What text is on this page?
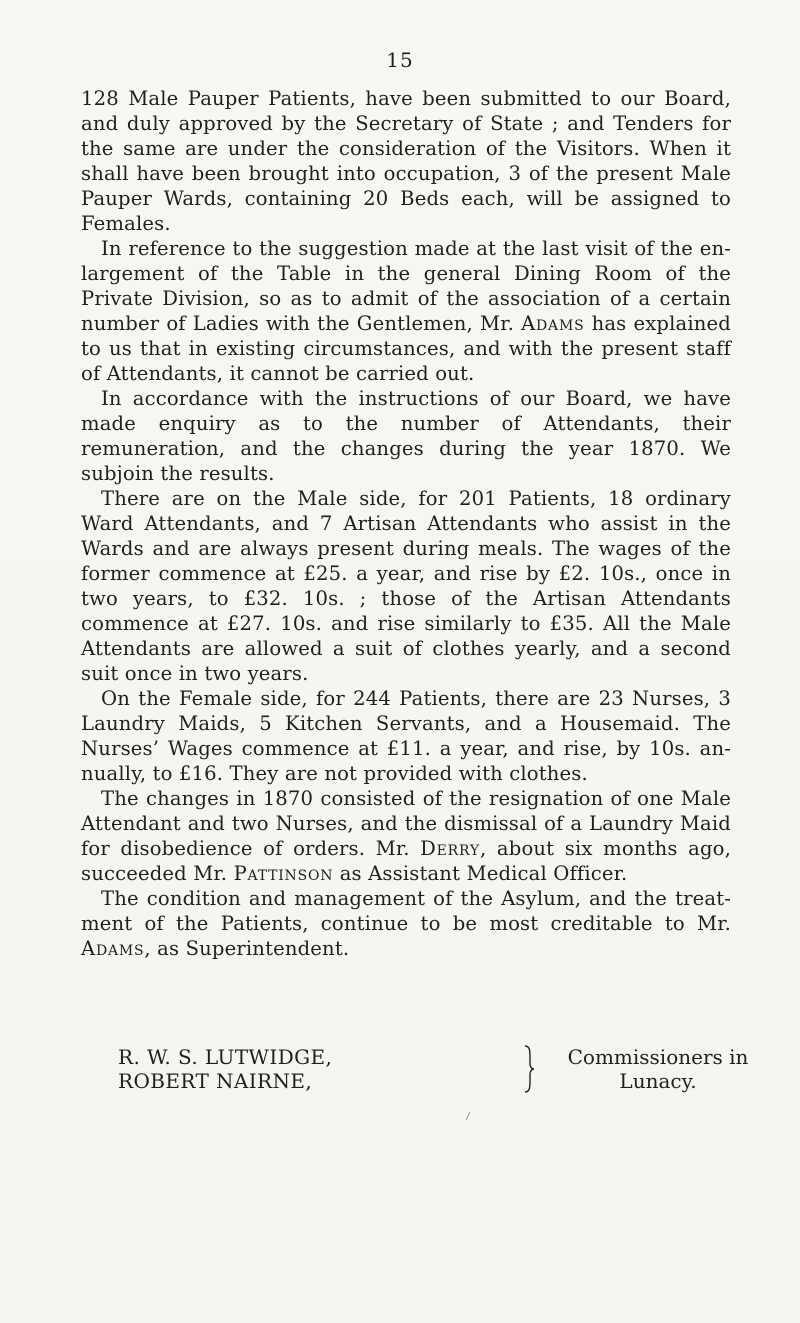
15

128 Male Pauper Patients, have been submitted to our Board, and duly approved by the Secretary of State ; and Tenders for the same are under the consideration of the Visitors. When it shall have been brought into occupation, 3 of the present Male Pauper Wards, containing 20 Beds each, will be assigned to Females.

In reference to the suggestion made at the last visit of the en- largement of the Table in the general Dining Room of the Private Division, so as to admit of the association of a certain number of Ladies with the Gentlemen, Mr. Adams has explained to us that in existing circumstances, and with the present staff of Attendants, it cannot be carried out.

In accordance with the instructions of our Board, we have made enquiry as to the number of Attendants, their remuneration, and the changes during the year 1870. We subjoin the results.

There are on the Male side, for 201 Patients, 18 ordinary Ward Attendants, and 7 Artisan Attendants who assist in the Wards and are always present during meals. The wages of the former commence at £25. a year, and rise by £2. 10s., once in two years, to £32. 10s. ; those of the Artisan Attendants commence at £27. 10s. and rise similarly to £35. All the Male Attendants are allowed a suit of clothes yearly, and a second suit once in two years.

On the Female side, for 244 Patients, there are 23 Nurses, 3 Laundry Maids, 5 Kitchen Servants, and a Housemaid. The Nurses’ Wages commence at £11. a year, and rise, by 10s. an- nually, to £16. They are not provided with clothes.

The changes in 1870 consisted of the resignation of one Male Attendant and two Nurses, and the dismissal of a Laundry Maid for disobedience of orders. Mr. Derry, about six months ago, succeeded Mr. Pattinson as Assistant Medical Officer.

The condition and management of the Asylum, and the treat- ment of the Patients, continue to be most creditable to Mr. Adams, as Superintendent.

R. W. S. LUTWIDGE,
ROBERT NAIRNE,
Commissioners in
Lunacy.
